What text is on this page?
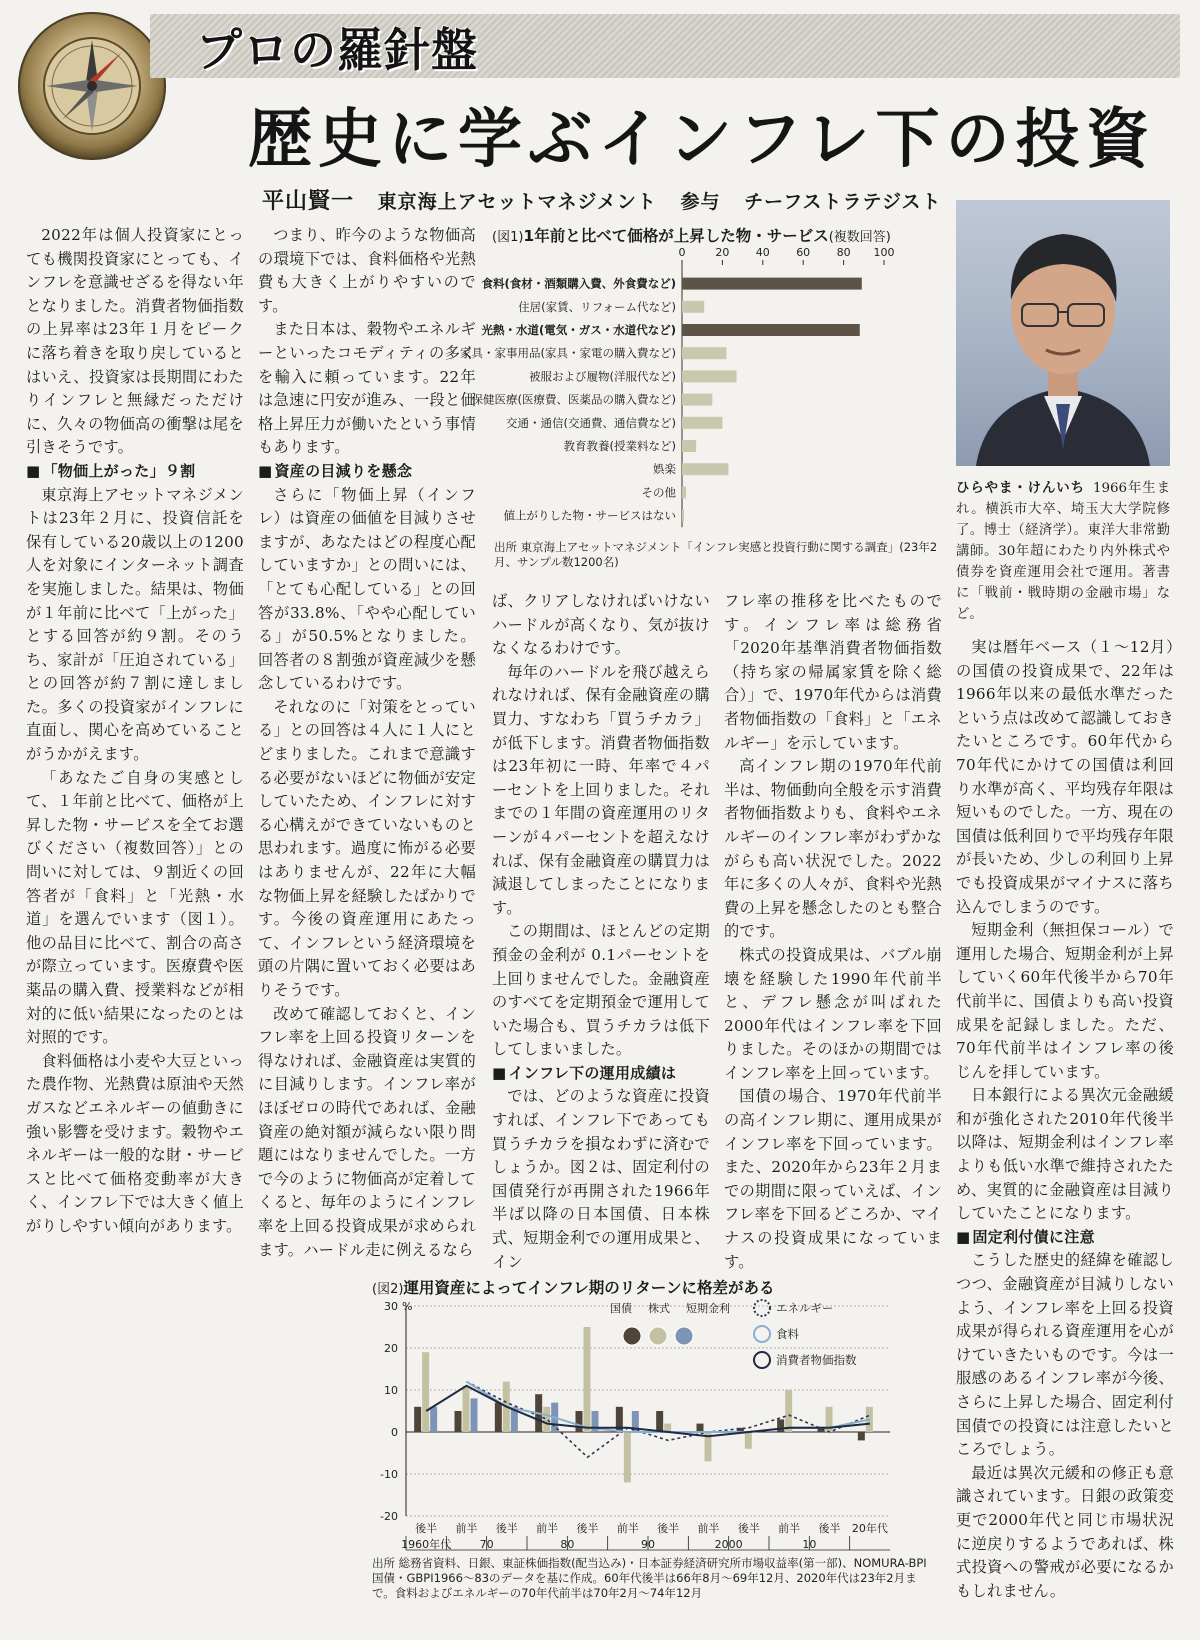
プロの羅針盤
歴史に学ぶインフレ下の投資
平山賢一 東京海上アセットマネジメント 参与 チーフストラテジスト

2022年は個人投資家にとっても機関投資家にとっても、インフレを意識せざるを得ない年となりました。消費者物価指数の上昇率は23年１月をピークに落ち着きを取り戻しているとはいえ、投資家は長期間にわたりインフレと無縁だっただけに、久々の物価高の衝撃は尾を引きそうです。

■ 「物価上がった」９割

東京海上アセットマネジメントは23年２月に、投資信託を保有している20歳以上の1200人を対象にインターネット調査を実施しました。結果は、物価が１年前に比べて「上がった」とする回答が約９割。そのうち、家計が「圧迫されている」との回答が約７割に達しました。多くの投資家がインフレに直面し、関心を高めていることがうかがえます。

「あなたご自身の実感として、１年前と比べて、価格が上昇した物・サービスを全てお選びください（複数回答）」との問いに対しては、９割近くの回答者が「食料」と「光熱・水道」を選んでいます（図１）。他の品目に比べて、割合の高さが際立っています。医療費や医薬品の購入費、授業料などが相対的に低い結果になったのとは対照的です。

食料価格は小麦や大豆といった農作物、光熱費は原油や天然ガスなどエネルギーの値動きに強い影響を受けます。穀物やエネルギーは一般的な財・サービスと比べて価格変動率が大きく、インフレ下では大きく値上がりしやすい傾向があります。

つまり、昨今のような物価高の環境下では、食料価格や光熱費も大きく上がりやすいのです。

また日本は、穀物やエネルギーといったコモディティの多くを輸入に頼っています。22年は急速に円安が進み、一段と価格上昇圧力が働いたという事情もあります。

■ 資産の目減りを懸念

さらに「物価上昇（インフレ）は資産の価値を目減りさせますが、あなたはどの程度心配していますか」との問いには、「とても心配している」との回答が33.8%、「やや心配している」が50.5%となりました。回答者の８割強が資産減少を懸念しているわけです。

それなのに「対策をとっている」との回答は４人に１人にとどまりました。これまで意識する必要がないほどに物価が安定していたため、インフレに対する心構えができていないものと思われます。過度に怖がる必要はありませんが、22年に大幅な物価上昇を経験したばかりです。今後の資産運用にあたって、インフレという経済環境を頭の片隅に置いておく必要はありそうです。

改めて確認しておくと、インフレ率を上回る投資リターンを得なければ、金融資産は実質的に目減りします。インフレ率がほぼゼロの時代であれば、金融資産の絶対額が減らない限り問題にはなりませんでした。一方で今のように物価高が定着してくると、毎年のようにインフレ率を上回る投資成果が求められます。ハードル走に例えるなら

ば、クリアしなければいけないハードルが高くなり、気が抜けなくなるわけです。

毎年のハードルを飛び越えられなければ、保有金融資産の購買力、すなわち「買うチカラ」が低下します。消費者物価指数は23年初に一時、年率で４パーセントを上回りました。それまでの１年間の資産運用のリターンが４パーセントを超えなければ、保有金融資産の購買力は減退してしまったことになります。

この期間は、ほとんどの定期預金の金利が 0.1パーセントを上回りませんでした。金融資産のすべてを定期預金で運用していた場合も、買うチカラは低下してしまいました。

■ インフレ下の運用成績は

では、どのような資産に投資すれば、インフレ下であっても買うチカラを損なわずに済むでしょうか。図２は、固定利付の国債発行が再開された1966年半ば以降の日本国債、日本株式、短期金利での運用成果と、イン

フレ率の推移を比べたものです。インフレ率は総務省「2020年基準消費者物価指数（持ち家の帰属家賃を除く総合）」で、1970年代からは消費者物価指数の「食料」と「エネルギー」を示しています。

高インフレ期の1970年代前半は、物価動向全般を示す消費者物価指数よりも、食料やエネルギーのインフレ率がわずかながらも高い状況でした。2022年に多くの人々が、食料や光熱費の上昇を懸念したのとも整合的です。

株式の投資成果は、バブル崩壊を経験した1990年代前半と、デフレ懸念が叫ばれた2000年代はインフレ率を下回りました。そのほかの期間ではインフレ率を上回っています。

国債の場合、1970年代前半の高インフレ期に、運用成果がインフレ率を下回っています。また、2020年から23年２月までの期間に限っていえば、インフレ率を下回るどころか、マイナスの投資成果になっています。

実は暦年ベース（１～12月）の国債の投資成果で、22年は1966年以来の最低水準だったという点は改めて認識しておきたいところです。60年代から70年代にかけての国債は利回り水準が高く、平均残存年限は短いものでした。一方、現在の国債は低利回りで平均残存年限が長いため、少しの利回り上昇でも投資成果がマイナスに落ち込んでしまうのです。

短期金利（無担保コール）で運用した場合、短期金利が上昇していく60年代後半から70年代前半に、国債よりも高い投資成果を記録しました。ただ、70年代前半はインフレ率の後じんを拝しています。

日本銀行による異次元金融緩和が強化された2010年代後半以降は、短期金利はインフレ率よりも低い水準で維持されたため、実質的に金融資産は目減りしていたことになります。

■ 固定利付債に注意

こうした歴史的経緯を確認しつつ、金融資産が目減りしないよう、インフレ率を上回る投資成果が得られる資産運用を心がけていきたいものです。今は一服感のあるインフレ率が今後、さらに上昇した場合、固定利付国債での投資には注意したいところでしょう。

最近は異次元緩和の修正も意識されています。日銀の政策変更で2000年代と同じ市場状況に逆戻りするようであれば、株式投資への警戒が必要になるかもしれません。

(図1)1年前と比べて価格が上昇した物・サービス(複数回答)
0	20 40 60 80 100
食料(食材・酒類購入費、外食費など)
住居(家賃、リフォーム代など)
光熱・水道(電気・ガス・水道代など)
家具・家事用品(家具・家電の購入費など)
被服および履物(洋服代など)
保健医療(医療費、医薬品の購入費など)
交通・通信(交通費、通信費など)
教育教養(授業料など)
娯楽
その他
値上がりした物・サービスはない
出所 東京海上アセットマネジメント「インフレ実感と投資行動に関する調査」(23年2月、サンプル数1200名)
ひらやま・けんいち 1966年生まれ。横浜市大卒、埼玉大大学院修了。博士（経済学）。東洋大非常勤講師。30年超にわたり内外株式や債券を資産運用会社で運用。著書に「戦前・戦時期の金融市場」など。
(図2)運用資産によってインフレ期のリターンに格差がある
-20
-10
0
10
20
30 %
後半 前半 後半 前半 後半 前半 後半 前半 後半 前半 後半 20年代
1960年代	70	80	90	2000	10
国債 株式 短期金利	エネルギー
食料
消費者物価指数
出所 総務省資料、日銀、東証株価指数(配当込み)・日本証券経済研究所市場収益率(第一部)、NOMURA-BPI国債・GBPI1966～83のデータを基に作成。60年代後半は66年8月～69年12月、2020年代は23年2月まで。食料およびエネルギーの70年代前半は70年2月～74年12月
